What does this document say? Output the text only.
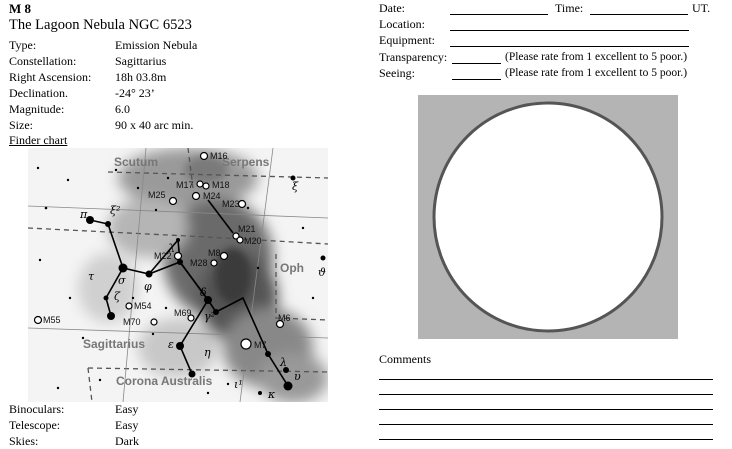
M 8
The Lagoon Nebula NGC 6523
Type:	Emission Nebula
Constellation:	Sagittarius
Right Ascension: 18h 03.8m
Declination.	-24° 23’
Magnitude:	6.0
Size:	90 x 40 arc min.
Finder chart
Scutum	Serpens
Oph
Sagittarius
Corona Australis
M16
M17 M18
M24
M25
M23
M21
M20
M22	M8
M28
M54
M69
M70	M6
M7
M55
ξ
π ξ²
σ φ
τ
ζ
λ
δ
γ²
ε
η
ι¹
κ
λ
υ
ϑ
Binoculars:	Easy
Telescope:	Easy
Skies:	Dark
Date:	Time:	UT.
Location:
Equipment:
Transparency:	(Please rate from 1 excellent to 5 poor.)
Seeing:	(Please rate from 1 excellent to 5 poor.)
Comments
